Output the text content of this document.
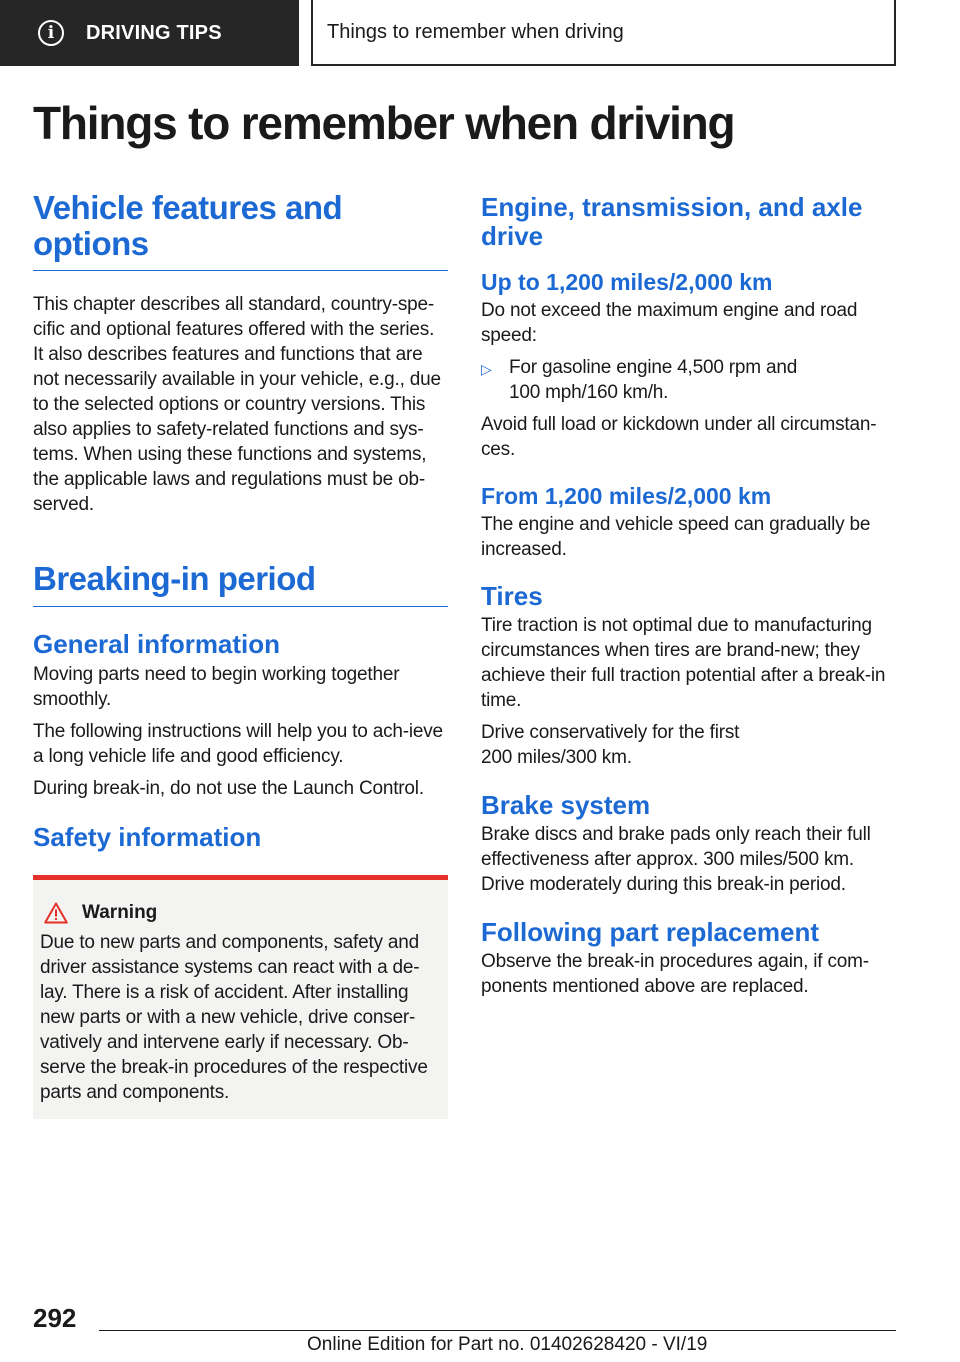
i	DRIVING TIPS	Things to remember when driving
Things to remember when driving
Vehicle features and options

This chapter describes all standard, country-spe-cific and optional features offered with the series. It also describes features and functions that are not necessarily available in your vehicle, e.g., due to the selected options or country versions. This also applies to safety-related functions and sys-tems. When using these functions and systems, the applicable laws and regulations must be ob-served.

Breaking-in period
General information

Moving parts need to begin working together smoothly.

The following instructions will help you to ach-ieve a long vehicle life and good efficiency.

During break-in, do not use the Launch Control.

Safety information
Warning

Due to new parts and components, safety and driver assistance systems can react with a de-lay. There is a risk of accident. After installing new parts or with a new vehicle, drive conser-vatively and intervene early if necessary. Ob-serve the break-in procedures of the respective parts and components.

Engine, transmission, and axle drive
Up to 1,200 miles/2,000 km

Do not exceed the maximum engine and road speed:

▷ For gasoline engine 4,500 rpm and 100 mph/160 km/h.

Avoid full load or kickdown under all circumstan-ces.

From 1,200 miles/2,000 km

The engine and vehicle speed can gradually be increased.

Tires

Tire traction is not optimal due to manufacturing circumstances when tires are brand-new; they achieve their full traction potential after a break-in time.

Drive conservatively for the first 200 miles/300 km.

Brake system

Brake discs and brake pads only reach their full effectiveness after approx. 300 miles/500 km. Drive moderately during this break-in period.

Following part replacement

Observe the break-in procedures again, if com-ponents mentioned above are replaced.

292
Online Edition for Part no. 01402628420 - VI/19
